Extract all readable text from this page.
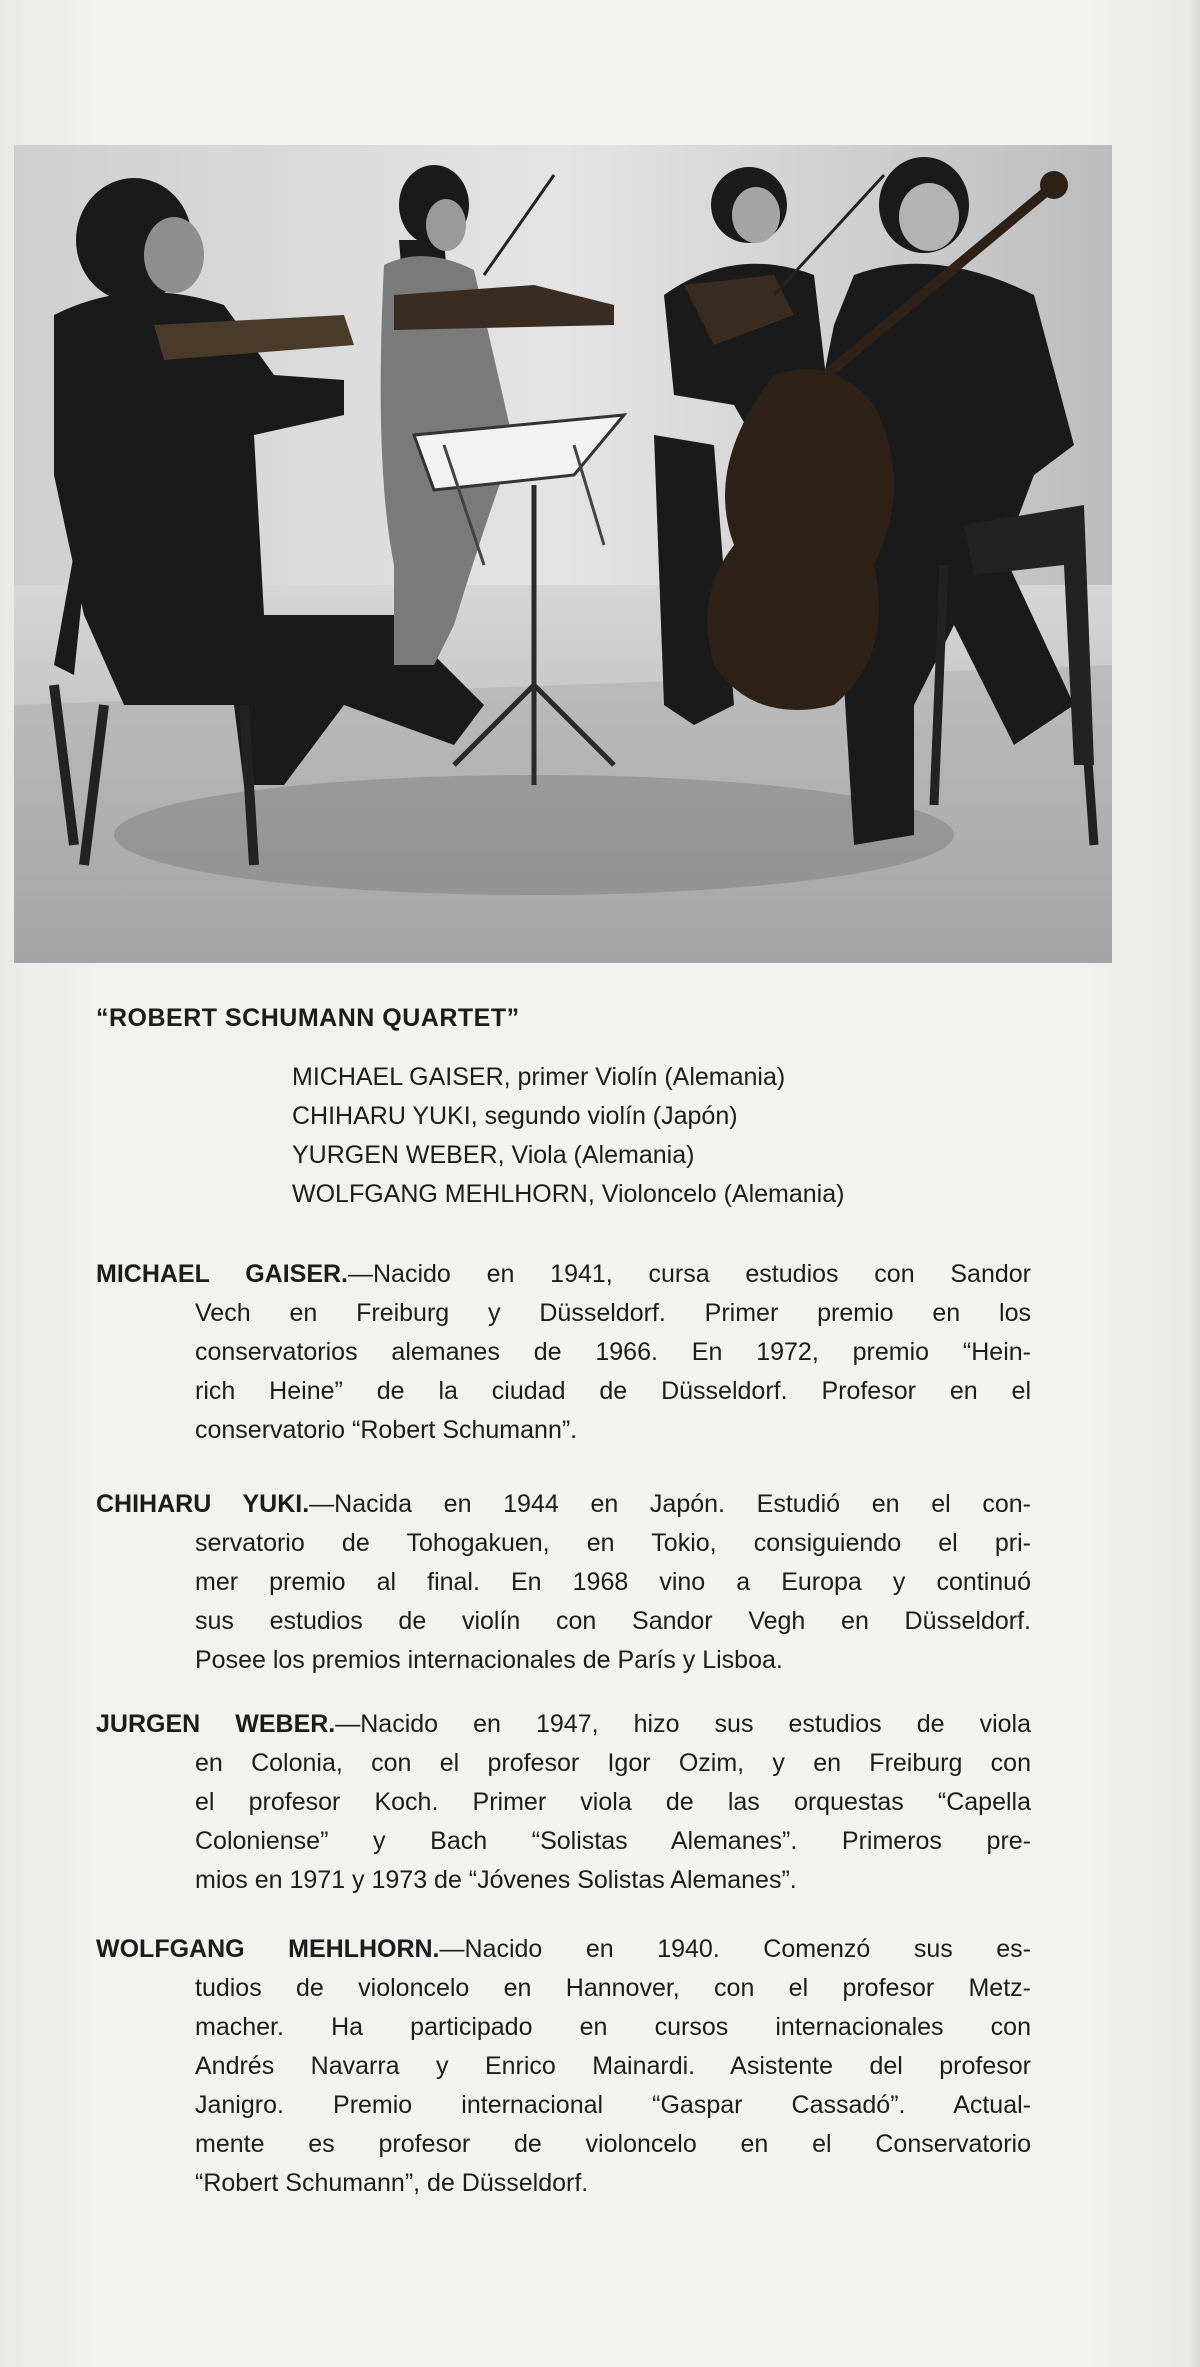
“ROBERT SCHUMANN QUARTET”
MICHAEL GAISER, primer Violín (Alemania)
CHIHARU YUKI, segundo violín (Japón)
YURGEN WEBER, Viola (Alemania)
WOLFGANG MEHLHORN, Violoncelo (Alemania)
MICHAEL GAISER.—Nacido en 1941, cursa estudios con Sandor
Vech en Freiburg y Düsseldorf. Primer premio en los
conservatorios alemanes de 1966. En 1972, premio “Hein-
rich Heine” de la ciudad de Düsseldorf. Profesor en el
conservatorio “Robert Schumann”.
CHIHARU YUKI.—Nacida en 1944 en Japón. Estudió en el con-
servatorio de Tohogakuen, en Tokio, consiguiendo el pri-
mer premio al final. En 1968 vino a Europa y continuó
sus estudios de violín con Sandor Vegh en Düsseldorf.
Posee los premios internacionales de París y Lisboa.
JURGEN WEBER.—Nacido en 1947, hizo sus estudios de viola
en Colonia, con el profesor Igor Ozim, y en Freiburg con
el profesor Koch. Primer viola de las orquestas “Capella
Coloniense” y Bach “Solistas Alemanes”. Primeros pre-
mios en 1971 y 1973 de “Jóvenes Solistas Alemanes”.
WOLFGANG MEHLHORN.—Nacido en 1940. Comenzó sus es-
tudios de violoncelo en Hannover, con el profesor Metz-
macher. Ha participado en cursos internacionales con
Andrés Navarra y Enrico Mainardi. Asistente del profesor
Janigro. Premio internacional “Gaspar Cassadó”. Actual-
mente es profesor de violoncelo en el Conservatorio
“Robert Schumann”, de Düsseldorf.
